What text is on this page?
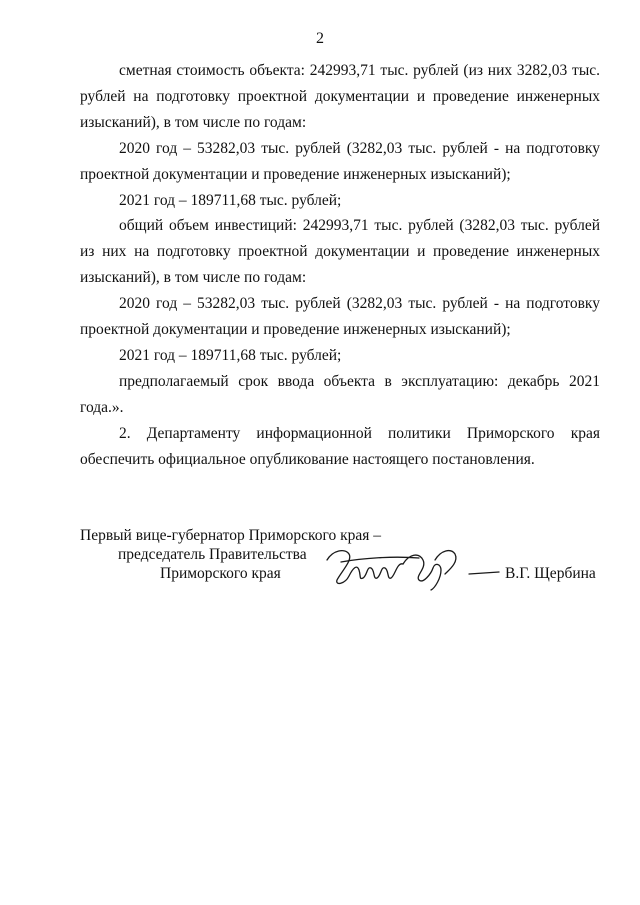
2

сметная стоимость объекта: 242993,71 тыс. рублей (из них 3282,03 тыс. рублей на подготовку проектной документации и проведение инженерных изысканий), в том числе по годам:

2020 год – 53282,03 тыс. рублей (3282,03 тыс. рублей - на подготовку проектной документации и проведение инженерных изысканий);

2021 год – 189711,68 тыс. рублей;

общий объем инвестиций: 242993,71 тыс. рублей (3282,03 тыс. рублей из них на подготовку проектной документации и проведение инженерных изысканий), в том числе по годам:

2020 год – 53282,03 тыс. рублей (3282,03 тыс. рублей - на подготовку проектной документации и проведение инженерных изысканий);

2021 год – 189711,68 тыс. рублей;

предполагаемый срок ввода объекта в эксплуатацию: декабрь 2021 года.».

2. Департаменту информационной политики Приморского края обеспечить официальное опубликование настоящего постановления.

Первый вице-губернатор Приморского края –
председатель Правительства
Приморского края	В.Г. Щербина
